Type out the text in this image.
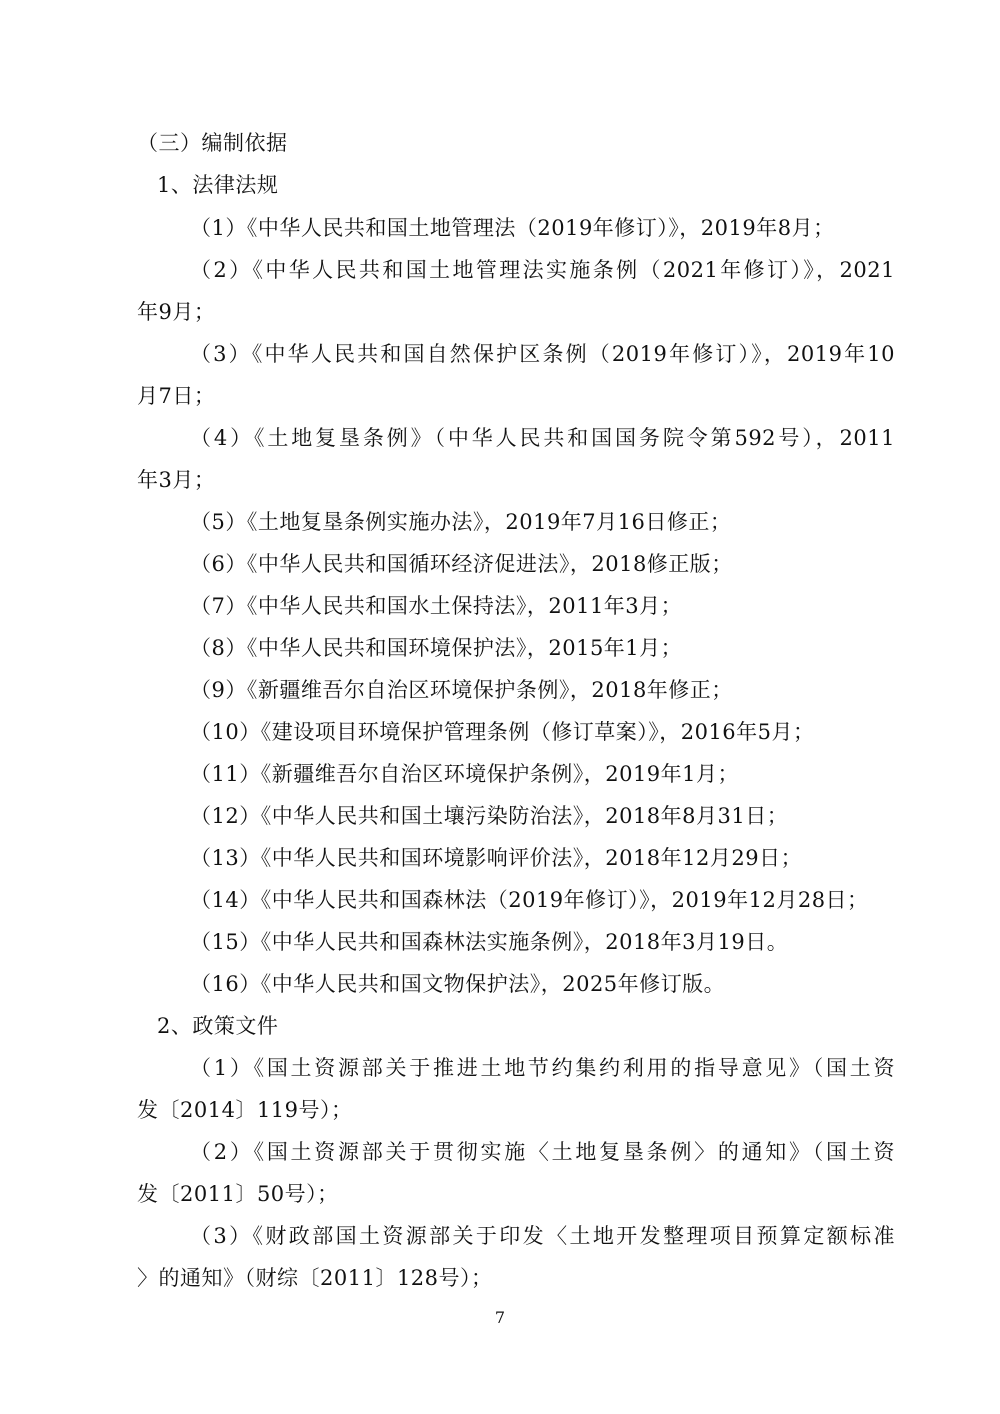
（三）编制依据
1、法律法规
（1）《中华人民共和国土地管理法（2019年修订）》，2019年8月；
（2）《中华人民共和国土地管理法实施条例（2021年修订）》，2021
年9月；
（3）《中华人民共和国自然保护区条例（2019年修订）》，2019年10
月7日；
（4）《土地复垦条例》（中华人民共和国国务院令第592号），2011
年3月；
（5）《土地复垦条例实施办法》，2019年7月16日修正；
（6）《中华人民共和国循环经济促进法》，2018修正版；
（7）《中华人民共和国水土保持法》，2011年3月；
（8）《中华人民共和国环境保护法》，2015年1月；
（9）《新疆维吾尔自治区环境保护条例》，2018年修正；
（10）《建设项目环境保护管理条例（修订草案）》，2016年5月；
（11）《新疆维吾尔自治区环境保护条例》，2019年1月；
（12）《中华人民共和国土壤污染防治法》，2018年8月31日；
（13）《中华人民共和国环境影响评价法》，2018年12月29日；
（14）《中华人民共和国森林法（2019年修订）》，2019年12月28日；
（15）《中华人民共和国森林法实施条例》，2018年3月19日。
（16）《中华人民共和国文物保护法》，2025年修订版。
2、政策文件
（1）《国土资源部关于推进土地节约集约利用的指导意见》（国土资
发〔2014〕119号）；
（2）《国土资源部关于贯彻实施〈土地复垦条例〉的通知》（国土资
发〔2011〕50号）；
（3）《财政部国土资源部关于印发〈土地开发整理项目预算定额标准
〉的通知》（财综〔2011〕128号）；
7
